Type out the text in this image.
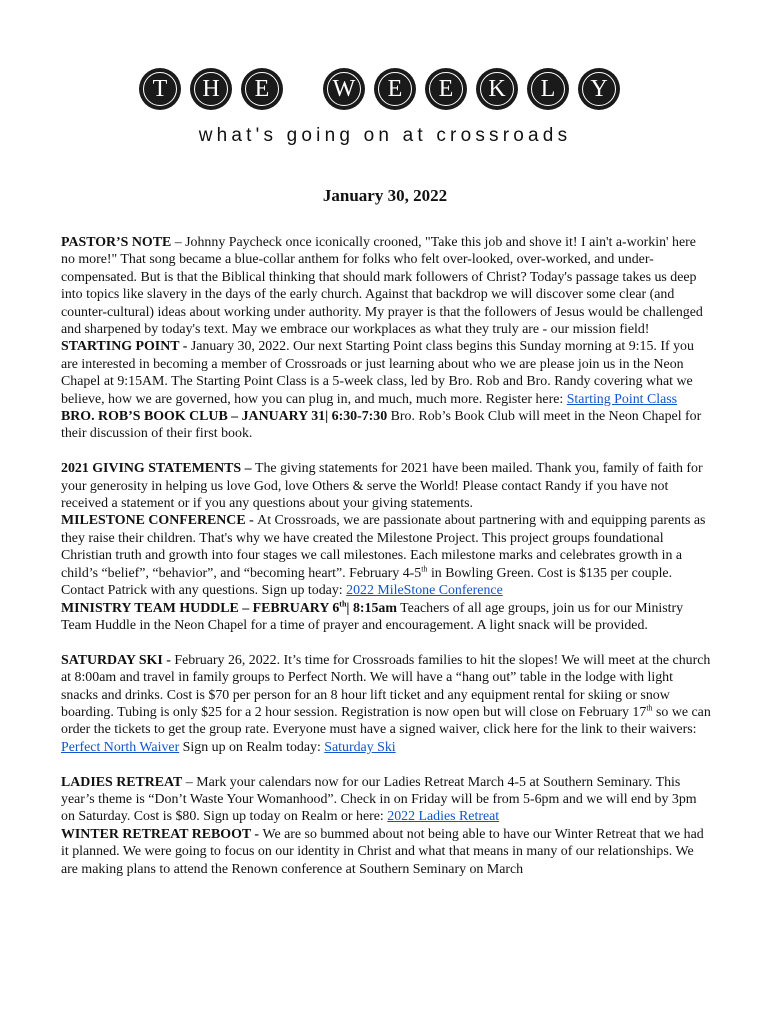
T	H	E	W	E	E	K	L	Y
what's going on at crossroads
January 30, 2022

PASTOR’S NOTE – Johnny Paycheck once iconically crooned, "Take this job and shove it! I ain't a-workin' here no more!" That song became a blue-collar anthem for folks who felt over-looked, over-worked, and under-compensated. But is that the Biblical thinking that should mark followers of Christ? Today's passage takes us deep into topics like slavery in the days of the early church. Against that backdrop we will discover some clear (and counter-cultural) ideas about working under authority. My prayer is that the followers of Jesus would be challenged and sharpened by today's text. May we embrace our workplaces as what they truly are - our mission field!

STARTING POINT - January 30, 2022. Our next Starting Point class begins this Sunday morning at 9:15. If you are interested in becoming a member of Crossroads or just learning about who we are please join us in the Neon Chapel at 9:15AM. The Starting Point Class is a 5-week class, led by Bro. Rob and Bro. Randy covering what we believe, how we are governed, how you can plug in, and much, much more. Register here: Starting Point Class

BRO. ROB’S BOOK CLUB – JANUARY 31| 6:30-7:30 Bro. Rob’s Book Club will meet in the Neon Chapel for their discussion of their first book.

2021 GIVING STATEMENTS – The giving statements for 2021 have been mailed. Thank you, family of faith for your generosity in helping us love God, love Others & serve the World! Please contact Randy if you have not received a statement or if you any questions about your giving statements.

MILESTONE CONFERENCE - At Crossroads, we are passionate about partnering with and equipping parents as they raise their children. That's why we have created the Milestone Project. This project groups foundational Christian truth and growth into four stages we call milestones. Each milestone marks and celebrates growth in a child’s “belief”, “behavior”, and “becoming heart”. February 4-5th in Bowling Green. Cost is $135 per couple. Contact Patrick with any questions. Sign up today: 2022 MileStone Conference

MINISTRY TEAM HUDDLE – FEBRUARY 6th| 8:15am Teachers of all age groups, join us for our Ministry Team Huddle in the Neon Chapel for a time of prayer and encouragement. A light snack will be provided.

SATURDAY SKI - February 26, 2022. It’s time for Crossroads families to hit the slopes! We will meet at the church at 8:00am and travel in family groups to Perfect North. We will have a “hang out” table in the lodge with light snacks and drinks. Cost is $70 per person for an 8 hour lift ticket and any equipment rental for skiing or snow boarding. Tubing is only $25 for a 2 hour session. Registration is now open but will close on February 17th so we can order the tickets to get the group rate. Everyone must have a signed waiver, click here for the link to their waivers: Perfect North Waiver Sign up on Realm today: Saturday Ski

LADIES RETREAT – Mark your calendars now for our Ladies Retreat March 4-5 at Southern Seminary. This year’s theme is “Don’t Waste Your Womanhood”. Check in on Friday will be from 5-6pm and we will end by 3pm on Saturday. Cost is $80. Sign up today on Realm or here: 2022 Ladies Retreat

WINTER RETREAT REBOOT - We are so bummed about not being able to have our Winter Retreat that we had it planned. We were going to focus on our identity in Christ and what that means in many of our relationships. We are making plans to attend the Renown conference at Southern Seminary on March
